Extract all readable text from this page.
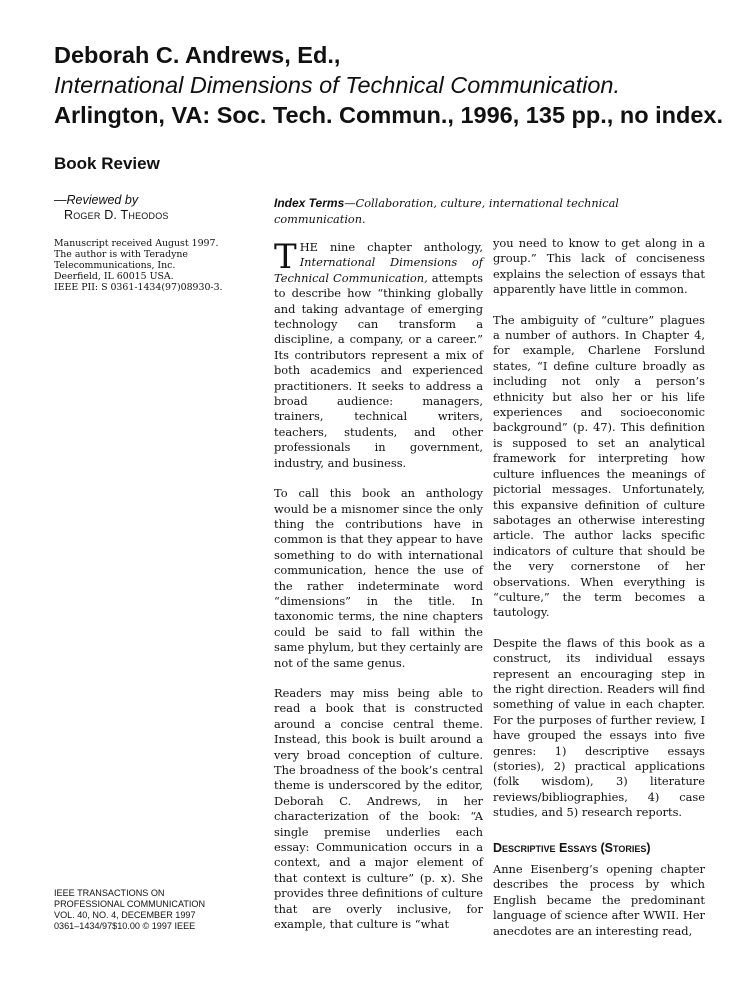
Deborah C. Andrews, Ed.,
International Dimensions of Technical Communication.
Arlington, VA: Soc. Tech. Commun., 1996, 135 pp., no index.
Book Review
—Reviewed by
Roger D. Theodos
Manuscript received August 1997.
The author is with Teradyne
Telecommunications, Inc.
Deerfield, IL 60015 USA.
IEEE PII: S 0361-1434(97)08930-3.
IEEE TRANSACTIONS ON
PROFESSIONAL COMMUNICATION
VOL. 40, NO. 4, DECEMBER 1997
0361–1434/97$10.00 © 1997 IEEE
Index Terms—Collaboration, culture, international technical communication.

THE nine chapter anthology, International Dimensions of Technical Communication, attempts to describe how “thinking globally and taking advantage of emerging technology can transform a discipline, a company, or a career.” Its contributors represent a mix of both academics and experienced practitioners. It seeks to address a broad audience: managers, trainers, technical writers, teachers, students, and other professionals in government, industry, and business.

To call this book an anthology would be a misnomer since the only thing the contributions have in common is that they appear to have something to do with international communication, hence the use of the rather indeterminate word “dimensions” in the title. In taxonomic terms, the nine chapters could be said to fall within the same phylum, but they certainly are not of the same genus.

Readers may miss being able to read a book that is constructed around a concise central theme. Instead, this book is built around a very broad conception of culture. The broadness of the book’s central theme is underscored by the editor, Deborah C. Andrews, in her characterization of the book: “A single premise underlies each essay: Communication occurs in a context, and a major element of that context is culture” (p. x). She provides three definitions of culture that are overly inclusive, for example, that culture is “what

you need to know to get along in a group.” This lack of conciseness explains the selection of essays that apparently have little in common.

The ambiguity of “culture” plagues a number of authors. In Chapter 4, for example, Charlene Forslund states, “I define culture broadly as including not only a person’s ethnicity but also her or his life experiences and socioeconomic background” (p. 47). This definition is supposed to set an analytical framework for interpreting how culture influences the meanings of pictorial messages. Unfortunately, this expansive definition of culture sabotages an otherwise interesting article. The author lacks specific indicators of culture that should be the very cornerstone of her observations. When everything is “culture,” the term becomes a tautology.

Despite the flaws of this book as a construct, its individual essays represent an encouraging step in the right direction. Readers will find something of value in each chapter. For the purposes of further review, I have grouped the essays into five genres: 1) descriptive essays (stories), 2) practical applications (folk wisdom), 3) literature reviews/bibliographies, 4) case studies, and 5) research reports.

Descriptive Essays (Stories)

Anne Eisenberg’s opening chapter describes the process by which English became the predominant language of science after WWII. Her anecdotes are an interesting read,
